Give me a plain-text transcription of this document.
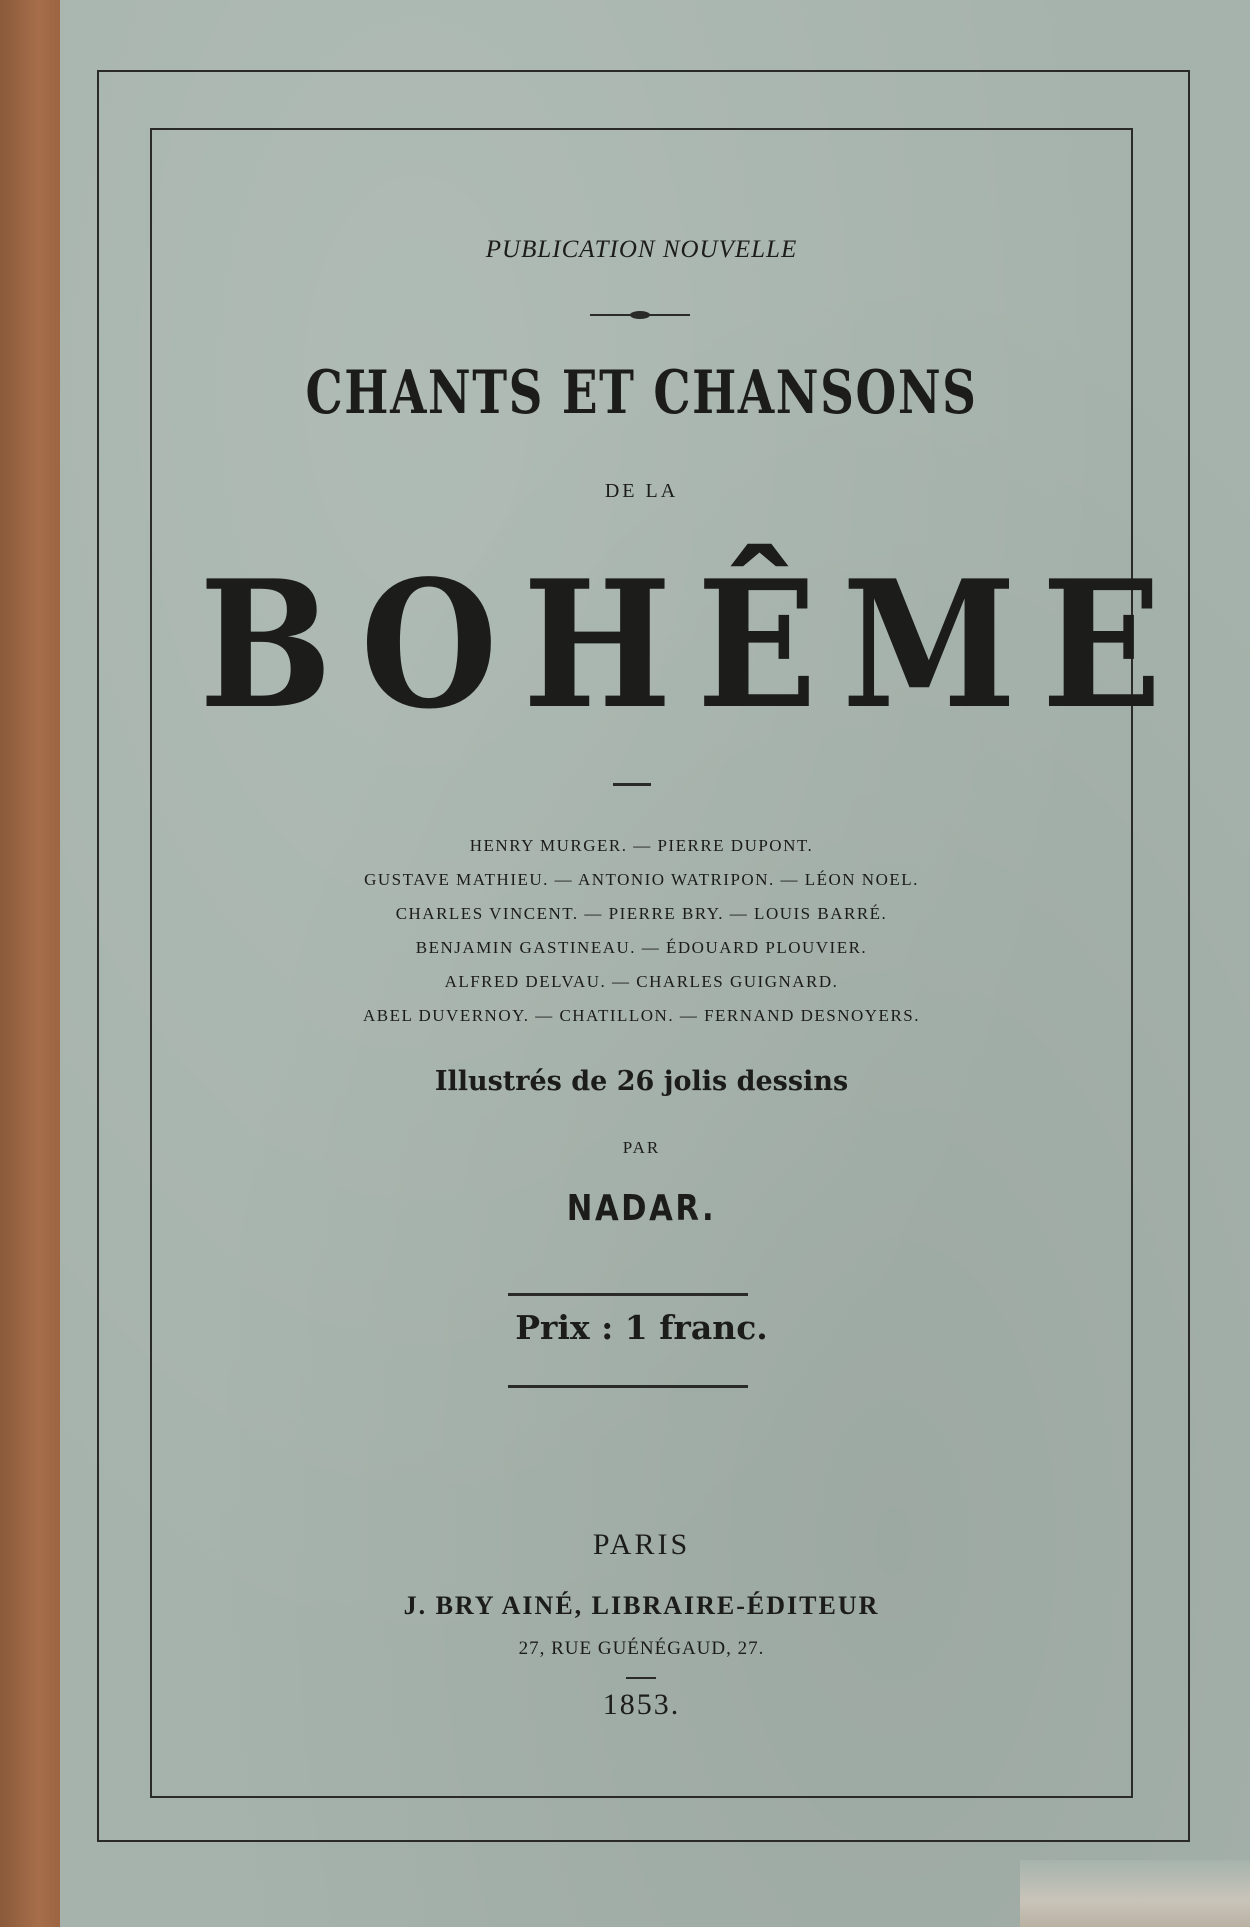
PUBLICATION NOUVELLE
CHANTS ET CHANSONS
DE LA
BOHÊME
HENRY MURGER. — PIERRE DUPONT.
GUSTAVE MATHIEU. — ANTONIO WATRIPON. — LÉON NOEL.
CHARLES VINCENT. — PIERRE BRY. — LOUIS BARRÉ.
BENJAMIN GASTINEAU. — ÉDOUARD PLOUVIER.
ALFRED DELVAU. — CHARLES GUIGNARD.
ABEL DUVERNOY. — CHATILLON. — FERNAND DESNOYERS.
Illustrés de 26 jolis dessins
PAR
NADAR.
Prix : 1 franc.
PARIS
J. BRY AINÉ, LIBRAIRE-ÉDITEUR
27, RUE GUÉNÉGAUD, 27.
1853.
